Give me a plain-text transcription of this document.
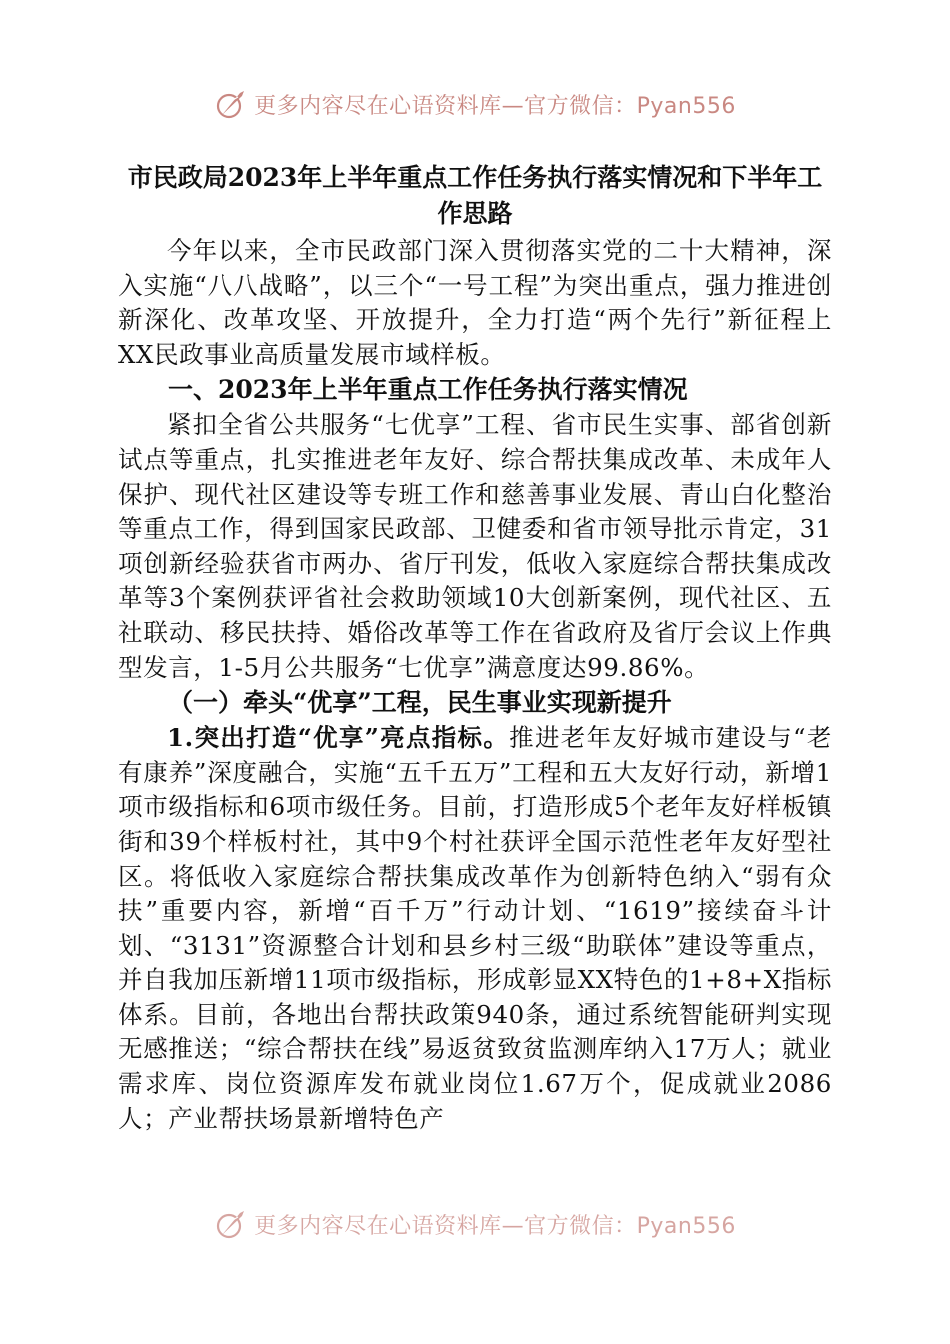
更多内容尽在心语资料库—官方微信：Pyan556
市民政局2023年上半年重点工作任务执行落实情况和下半年工作思路

今年以来，全市民政部门深入贯彻落实党的二十大精神，深入实施“八八战略”，以三个“一号工程”为突出重点，强力推进创新深化、改革攻坚、开放提升，全力打造“两个先行”新征程上XX民政事业高质量发展市域样板。

一、2023年上半年重点工作任务执行落实情况

紧扣全省公共服务“七优享”工程、省市民生实事、部省创新试点等重点，扎实推进老年友好、综合帮扶集成改革、未成年人保护、现代社区建设等专班工作和慈善事业发展、青山白化整治等重点工作，得到国家民政部、卫健委和省市领导批示肯定，31项创新经验获省市两办、省厅刊发，低收入家庭综合帮扶集成改革等3个案例获评省社会救助领域10大创新案例，现代社区、五社联动、移民扶持、婚俗改革等工作在省政府及省厅会议上作典型发言，1-5月公共服务“七优享”满意度达99.86%。

（一）牵头“优享”工程，民生事业实现新提升

1.突出打造“优享”亮点指标。推进老年友好城市建设与“老有康养”深度融合，实施“五千五万”工程和五大友好行动，新增1项市级指标和6项市级任务。目前，打造形成5个老年友好样板镇街和39个样板村社，其中9个村社获评全国示范性老年友好型社区。将低收入家庭综合帮扶集成改革作为创新特色纳入“弱有众扶”重要内容，新增“百千万”行动计划、“1619”接续奋斗计划、“3131”资源整合计划和县乡村三级“助联体”建设等重点，并自我加压新增11项市级指标，形成彰显XX特色的1+8+X指标体系。目前，各地出台帮扶政策940条，通过系统智能研判实现无感推送；“综合帮扶在线”易返贫致贫监测库纳入17万人；就业需求库、岗位资源库发布就业岗位1.67万个，促成就业2086人；产业帮扶场景新增特色产

更多内容尽在心语资料库—官方微信：Pyan556
